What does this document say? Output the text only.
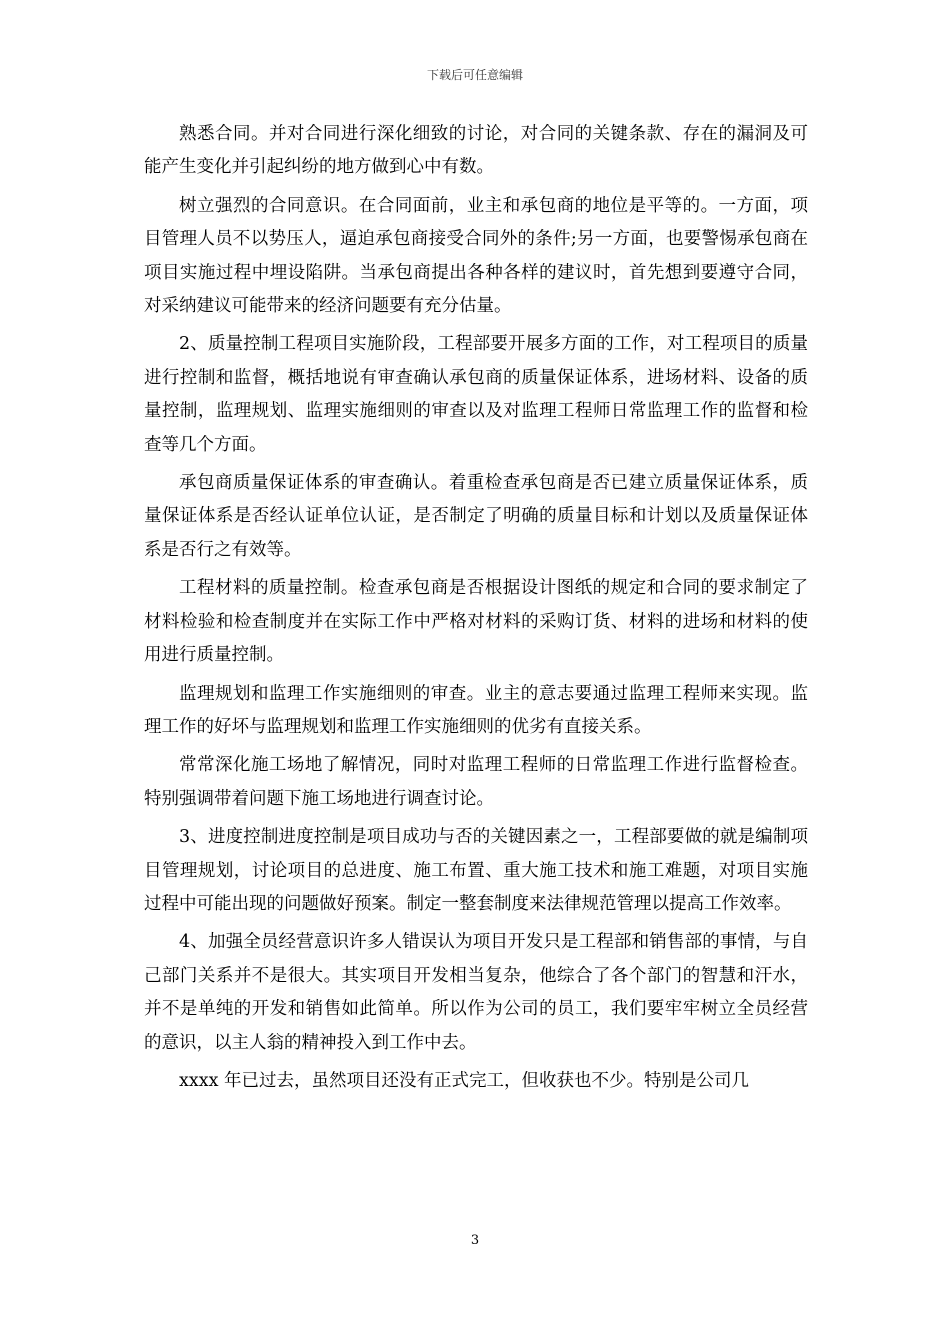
下载后可任意编辑

熟悉合同。并对合同进行深化细致的讨论，对合同的关键条款、存在的漏洞及可能产生变化并引起纠纷的地方做到心中有数。

树立强烈的合同意识。在合同面前，业主和承包商的地位是平等的。一方面，项目管理人员不以势压人，逼迫承包商接受合同外的条件;另一方面，也要警惕承包商在项目实施过程中埋设陷阱。当承包商提出各种各样的建议时，首先想到要遵守合同，对采纳建议可能带来的经济问题要有充分估量。

2、质量控制工程项目实施阶段，工程部要开展多方面的工作，对工程项目的质量进行控制和监督，概括地说有审查确认承包商的质量保证体系，进场材料、设备的质量控制，监理规划、监理实施细则的审查以及对监理工程师日常监理工作的监督和检查等几个方面。

承包商质量保证体系的审查确认。着重检查承包商是否已建立质量保证体系，质量保证体系是否经认证单位认证，是否制定了明确的质量目标和计划以及质量保证体系是否行之有效等。

工程材料的质量控制。检查承包商是否根据设计图纸的规定和合同的要求制定了材料检验和检查制度并在实际工作中严格对材料的采购订货、材料的进场和材料的使用进行质量控制。

监理规划和监理工作实施细则的审查。业主的意志要通过监理工程师来实现。监理工作的好坏与监理规划和监理工作实施细则的优劣有直接关系。

常常深化施工场地了解情况，同时对监理工程师的日常监理工作进行监督检查。特别强调带着问题下施工场地进行调查讨论。

3、进度控制进度控制是项目成功与否的关键因素之一，工程部要做的就是编制项目管理规划，讨论项目的总进度、施工布置、重大施工技术和施工难题，对项目实施过程中可能出现的问题做好预案。制定一整套制度来法律规范管理以提高工作效率。

4、加强全员经营意识许多人错误认为项目开发只是工程部和销售部的事情，与自己部门关系并不是很大。其实项目开发相当复杂，他综合了各个部门的智慧和汗水，并不是单纯的开发和销售如此简单。所以作为公司的员工，我们要牢牢树立全员经营的意识，以主人翁的精神投入到工作中去。

xxxx 年已过去，虽然项目还没有正式完工，但收获也不少。特别是公司几

3
